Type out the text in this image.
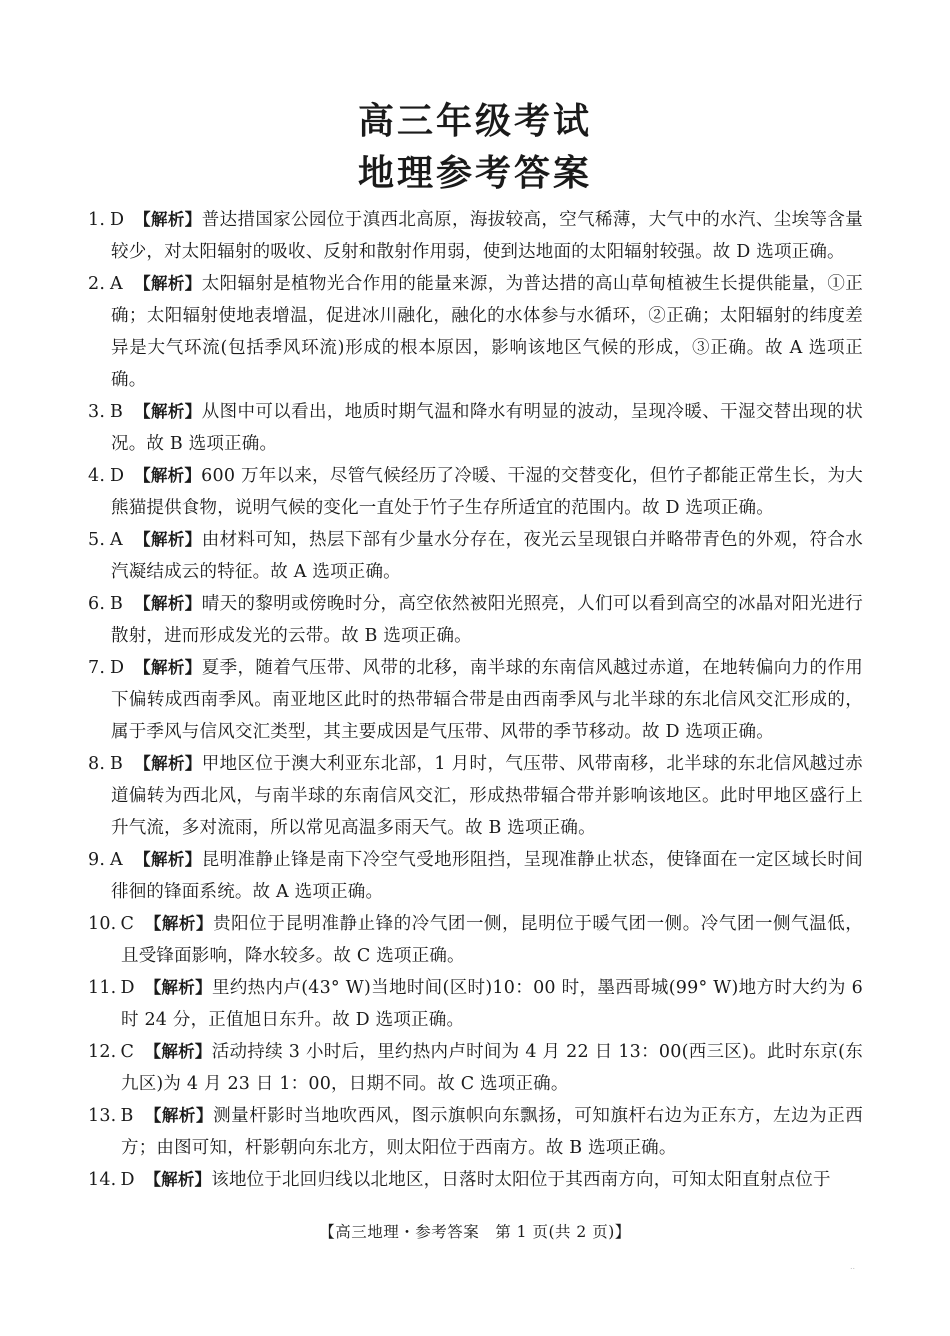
高三年级考试
地理参考答案
1. D 【解析】普达措国家公园位于滇西北高原，海拔较高，空气稀薄，大气中的水汽、尘埃等含量较少，对太阳辐射的吸收、反射和散射作用弱，使到达地面的太阳辐射较强。故 D 选项正确。
2. A 【解析】太阳辐射是植物光合作用的能量来源，为普达措的高山草甸植被生长提供能量，①正确；太阳辐射使地表增温，促进冰川融化，融化的水体参与水循环，②正确；太阳辐射的纬度差异是大气环流(包括季风环流)形成的根本原因，影响该地区气候的形成，③正确。故 A 选项正确。
3. B 【解析】从图中可以看出，地质时期气温和降水有明显的波动，呈现冷暖、干湿交替出现的状况。故 B 选项正确。
4. D 【解析】600 万年以来，尽管气候经历了冷暖、干湿的交替变化，但竹子都能正常生长，为大熊猫提供食物，说明气候的变化一直处于竹子生存所适宜的范围内。故 D 选项正确。
5. A 【解析】由材料可知，热层下部有少量水分存在，夜光云呈现银白并略带青色的外观，符合水汽凝结成云的特征。故 A 选项正确。
6. B 【解析】晴天的黎明或傍晚时分，高空依然被阳光照亮，人们可以看到高空的冰晶对阳光进行散射，进而形成发光的云带。故 B 选项正确。
7. D 【解析】夏季，随着气压带、风带的北移，南半球的东南信风越过赤道，在地转偏向力的作用下偏转成西南季风。南亚地区此时的热带辐合带是由西南季风与北半球的东北信风交汇形成的，属于季风与信风交汇类型，其主要成因是气压带、风带的季节移动。故 D 选项正确。
8. B 【解析】甲地区位于澳大利亚东北部，1 月时，气压带、风带南移，北半球的东北信风越过赤道偏转为西北风，与南半球的东南信风交汇，形成热带辐合带并影响该地区。此时甲地区盛行上升气流，多对流雨，所以常见高温多雨天气。故 B 选项正确。
9. A 【解析】昆明准静止锋是南下冷空气受地形阻挡，呈现准静止状态，使锋面在一定区域长时间徘徊的锋面系统。故 A 选项正确。
10. C 【解析】贵阳位于昆明准静止锋的冷气团一侧，昆明位于暖气团一侧。冷气团一侧气温低，且受锋面影响，降水较多。故 C 选项正确。
11. D 【解析】里约热内卢(43° W)当地时间(区时)10：00 时，墨西哥城(99° W)地方时大约为 6 时 24 分，正值旭日东升。故 D 选项正确。
12. C 【解析】活动持续 3 小时后，里约热内卢时间为 4 月 22 日 13：00(西三区)。此时东京(东九区)为 4 月 23 日 1：00，日期不同。故 C 选项正确。
13. B 【解析】测量杆影时当地吹西风，图示旗帜向东飘扬，可知旗杆右边为正东方，左边为正西方；由图可知，杆影朝向东北方，则太阳位于西南方。故 B 选项正确。
14. D 【解析】该地位于北回归线以北地区，日落时太阳位于其西南方向，可知太阳直射点位于
【高三地理・参考答案　第 1 页(共 2 页)】
..
